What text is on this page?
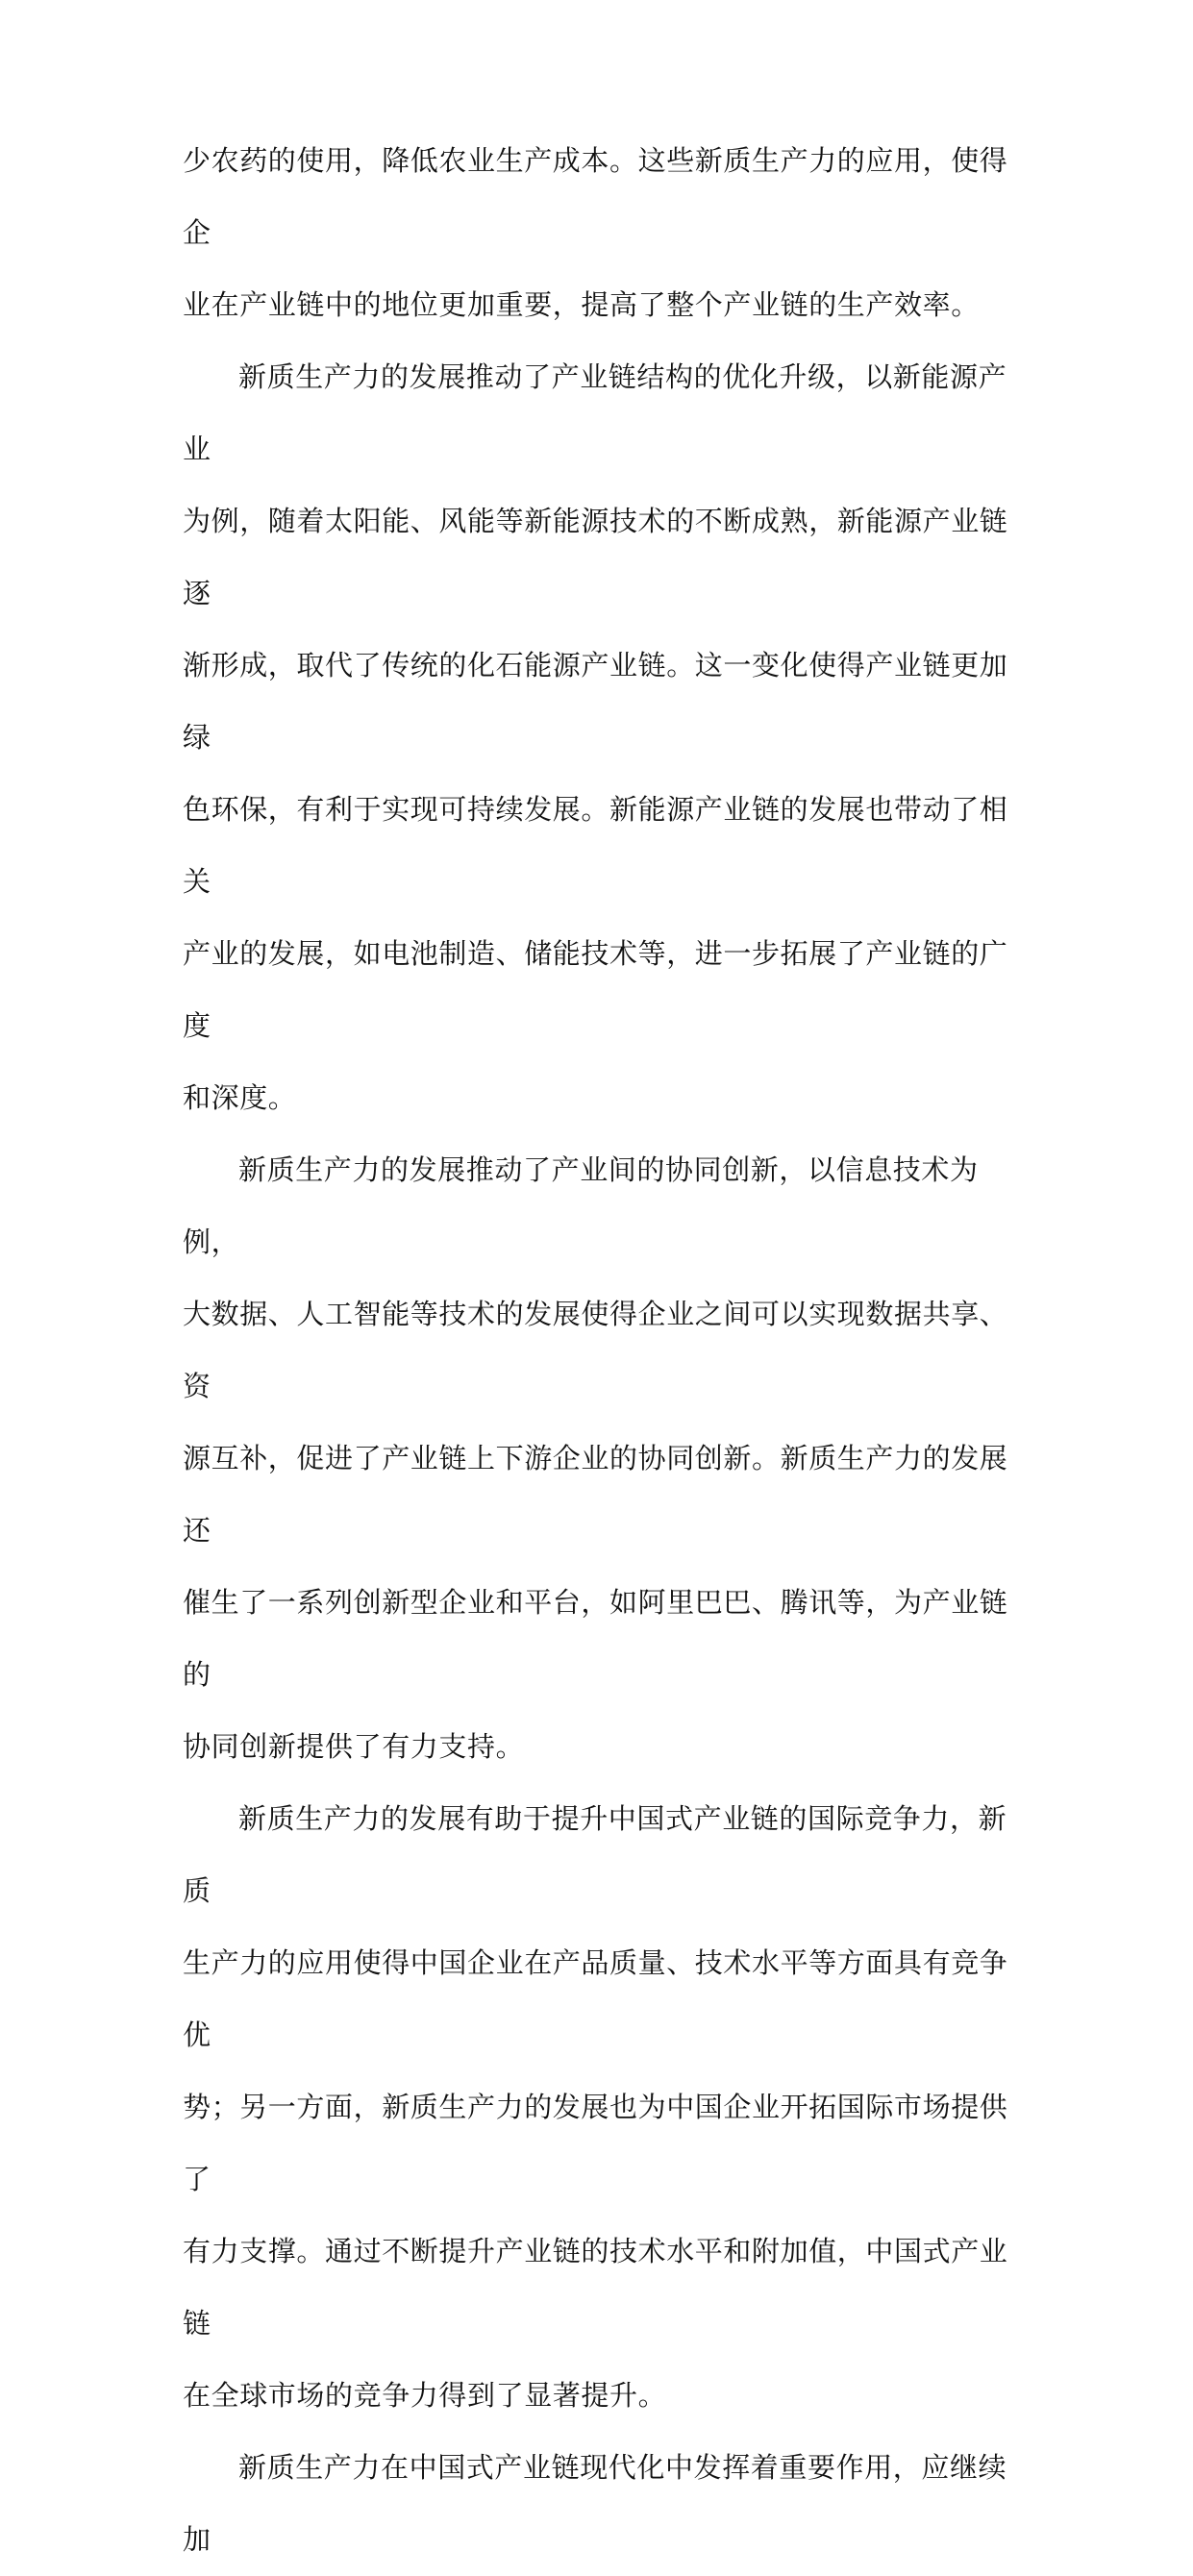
少农药的使用，降低农业生产成本。这些新质生产力的应用，使得企
业在产业链中的地位更加重要，提高了整个产业链的生产效率。
新质生产力的发展推动了产业链结构的优化升级，以新能源产业
为例，随着太阳能、风能等新能源技术的不断成熟，新能源产业链逐
渐形成，取代了传统的化石能源产业链。这一变化使得产业链更加绿
色环保，有利于实现可持续发展。新能源产业链的发展也带动了相关
产业的发展，如电池制造、储能技术等，进一步拓展了产业链的广度
和深度。
新质生产力的发展推动了产业间的协同创新，以信息技术为例，
大数据、人工智能等技术的发展使得企业之间可以实现数据共享、资
源互补，促进了产业链上下游企业的协同创新。新质生产力的发展还
催生了一系列创新型企业和平台，如阿里巴巴、腾讯等，为产业链的
协同创新提供了有力支持。
新质生产力的发展有助于提升中国式产业链的国际竞争力，新质
生产力的应用使得中国企业在产品质量、技术水平等方面具有竞争优
势；另一方面，新质生产力的发展也为中国企业开拓国际市场提供了
有力支撑。通过不断提升产业链的技术水平和附加值，中国式产业链
在全球市场的竞争力得到了显著提升。
新质生产力在中国式产业链现代化中发挥着重要作用，应继续加
